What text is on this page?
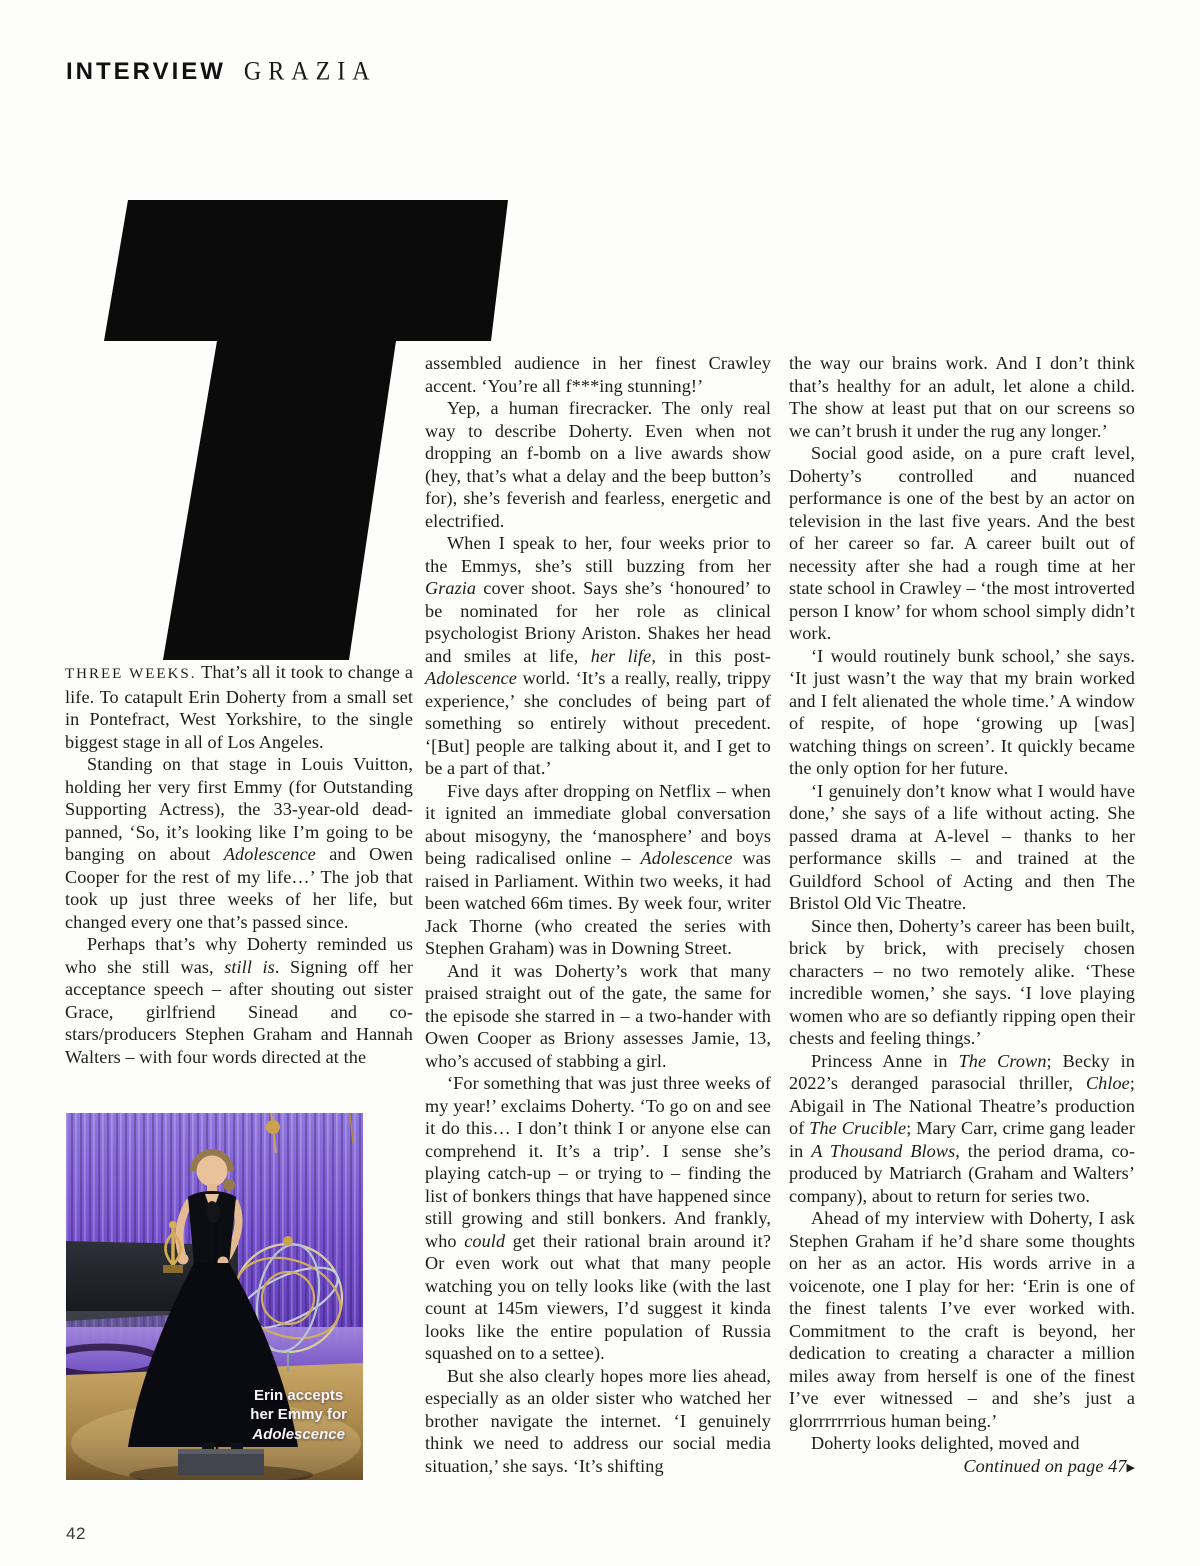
INTERVIEW GRAZIA

THREE WEEKS. That’s all it took to change a life. To catapult Erin Doherty from a small set in Pontefract, West Yorkshire, to the single biggest stage in all of Los Angeles.

Standing on that stage in Louis Vuitton, holding her very first Emmy (for Outstanding Supporting Actress), the 33-year-old dead-panned, ‘So, it’s looking like I’m going to be banging on about Adolescence and Owen Cooper for the rest of my life…’ The job that took up just three weeks of her life, but changed every one that’s passed since.

Perhaps that’s why Doherty reminded us who she still was, still is. Signing off her acceptance speech – after shouting out sister Grace, girlfriend Sinead and co-stars/producers Stephen Graham and Hannah Walters – with four words directed at the

assembled audience in her finest Crawley accent. ‘You’re all f***ing stunning!’

Yep, a human firecracker. The only real way to describe Doherty. Even when not dropping an f-bomb on a live awards show (hey, that’s what a delay and the beep button’s for), she’s feverish and fearless, energetic and electrified.

When I speak to her, four weeks prior to the Emmys, she’s still buzzing from her Grazia cover shoot. Says she’s ‘honoured’ to be nominated for her role as clinical psychologist Briony Ariston. Shakes her head and smiles at life, her life, in this post-Adolescence world. ‘It’s a really, really, trippy experience,’ she concludes of being part of something so entirely without precedent. ‘[But] people are talking about it, and I get to be a part of that.’

Five days after dropping on Netflix – when it ignited an immediate global conversation about misogyny, the ‘manosphere’ and boys being radicalised online – Adolescence was raised in Parliament. Within two weeks, it had been watched 66m times. By week four, writer Jack Thorne (who created the series with Stephen Graham) was in Downing Street.

And it was Doherty’s work that many praised straight out of the gate, the same for the episode she starred in – a two-hander with Owen Cooper as Briony assesses Jamie, 13, who’s accused of stabbing a girl.

‘For something that was just three weeks of my year!’ exclaims Doherty. ‘To go on and see it do this… I don’t think I or anyone else can comprehend it. It’s a trip’. I sense she’s playing catch-up – or trying to – finding the list of bonkers things that have happened since still growing and still bonkers. And frankly, who could get their rational brain around it? Or even work out what that many people watching you on telly looks like (with the last count at 145m viewers, I’d suggest it kinda looks like the entire population of Russia squashed on to a settee).

But she also clearly hopes more lies ahead, especially as an older sister who watched her brother navigate the internet. ‘I genuinely think we need to address our social media situation,’ she says. ‘It’s shifting

the way our brains work. And I don’t think that’s healthy for an adult, let alone a child. The show at least put that on our screens so we can’t brush it under the rug any longer.’

Social good aside, on a pure craft level, Doherty’s controlled and nuanced performance is one of the best by an actor on television in the last five years. And the best of her career so far. A career built out of necessity after she had a rough time at her state school in Crawley – ‘the most introverted person I know’ for whom school simply didn’t work.

‘I would routinely bunk school,’ she says. ‘It just wasn’t the way that my brain worked and I felt alienated the whole time.’ A window of respite, of hope ‘growing up [was] watching things on screen’. It quickly became the only option for her future.

‘I genuinely don’t know what I would have done,’ she says of a life without acting. She passed drama at A-level – thanks to her performance skills – and trained at the Guildford School of Acting and then The Bristol Old Vic Theatre.

Since then, Doherty’s career has been built, brick by brick, with precisely chosen characters – no two remotely alike. ‘These incredible women,’ she says. ‘I love playing women who are so defiantly ripping open their chests and feeling things.’

Princess Anne in The Crown; Becky in 2022’s deranged parasocial thriller, Chloe; Abigail in The National Theatre’s production of The Crucible; Mary Carr, crime gang leader in A Thousand Blows, the period drama, co-produced by Matriarch (Graham and Walters’ company), about to return for series two.

Ahead of my interview with Doherty, I ask Stephen Graham if he’d share some thoughts on her as an actor. His words arrive in a voicenote, one I play for her: ‘Erin is one of the finest talents I’ve ever worked with. Commitment to the craft is beyond, her dedication to creating a character a million miles away from herself is one of the finest I’ve ever witnessed – and she’s just a glorrrrrrrious human being.’

Doherty looks delighted, moved and

Continued on page 47▶
Erin accepts
her Emmy for
Adolescence
42
